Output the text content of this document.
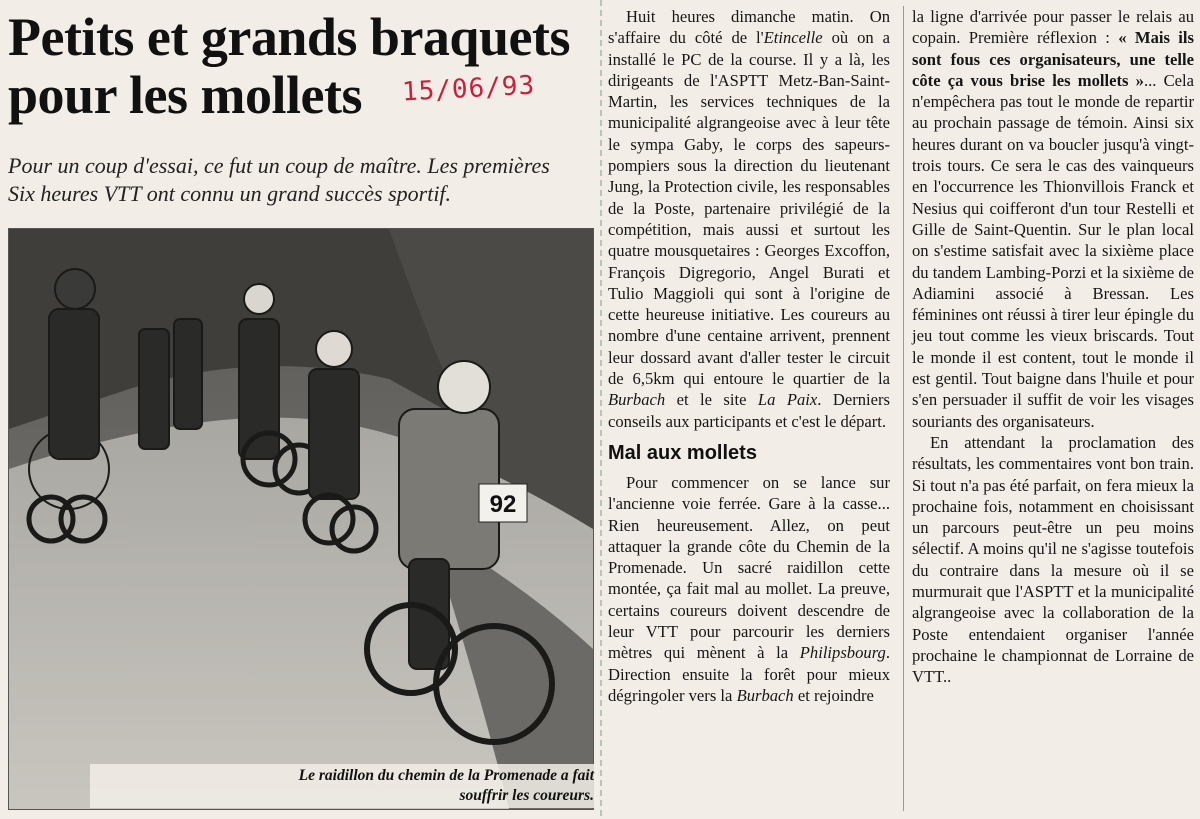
Petits et grands braquets
pour les mollets	15/06/93

Pour un coup d'essai, ce fut un coup de maître. Les premières
Six heures VTT ont connu un grand succès sportif.

92
Le raidillon du chemin de la Promenade a fait
souffrir les coureurs.

Huit heures dimanche matin. On s'affaire du côté de l'Etincelle où on a installé le PC de la course. Il y a là, les dirigeants de l'ASPTT Metz-Ban-Saint-Martin, les services techniques de la municipalité algrangeoise avec à leur tête le sympa Gaby, le corps des sapeurs-pompiers sous la direction du lieutenant Jung, la Protection civile, les responsables de la Poste, partenaire privilégié de la compétition, mais aussi et surtout les quatre mousquetaires : Georges Excoffon, François Digregorio, Angel Burati et Tulio Maggioli qui sont à l'origine de cette heureuse initiative. Les coureurs au nombre d'une centaine arrivent, prennent leur dossard avant d'aller tester le circuit de 6,5km qui entoure le quartier de la Burbach et le site La Paix. Derniers conseils aux participants et c'est le départ.

Mal aux mollets

Pour commencer on se lance sur l'ancienne voie ferrée. Gare à la casse... Rien heureusement. Allez, on peut attaquer la grande côte du Chemin de la Promenade. Un sacré raidillon cette montée, ça fait mal au mollet. La preuve, certains coureurs doivent descendre de leur VTT pour parcourir les derniers mètres qui mènent à la Philipsbourg. Direction ensuite la forêt pour mieux dégringoler vers la Burbach et rejoindre

la ligne d'arrivée pour passer le relais au copain. Première réflexion : « Mais ils sont fous ces organisateurs, une telle côte ça vous brise les mollets »... Cela n'empêchera pas tout le monde de repartir au prochain passage de témoin. Ainsi six heures durant on va boucler jusqu'à vingt-trois tours. Ce sera le cas des vainqueurs en l'occurrence les Thionvillois Franck et Nesius qui coifferont d'un tour Restelli et Gille de Saint-Quentin. Sur le plan local on s'estime satisfait avec la sixième place du tandem Lambing-Porzi et la sixième de Adiamini associé à Bressan. Les féminines ont réussi à tirer leur épingle du jeu tout comme les vieux briscards. Tout le monde il est content, tout le monde il est gentil. Tout baigne dans l'huile et pour s'en persuader il suffit de voir les visages souriants des organisateurs.

En attendant la proclamation des résultats, les commentaires vont bon train. Si tout n'a pas été parfait, on fera mieux la prochaine fois, notamment en choisissant un parcours peut-être un peu moins sélectif. A moins qu'il ne s'agisse toutefois du contraire dans la mesure où il se murmurait que l'ASPTT et la municipalité algrangeoise avec la collaboration de la Poste entendaient organiser l'année prochaine le championnat de Lorraine de VTT..
